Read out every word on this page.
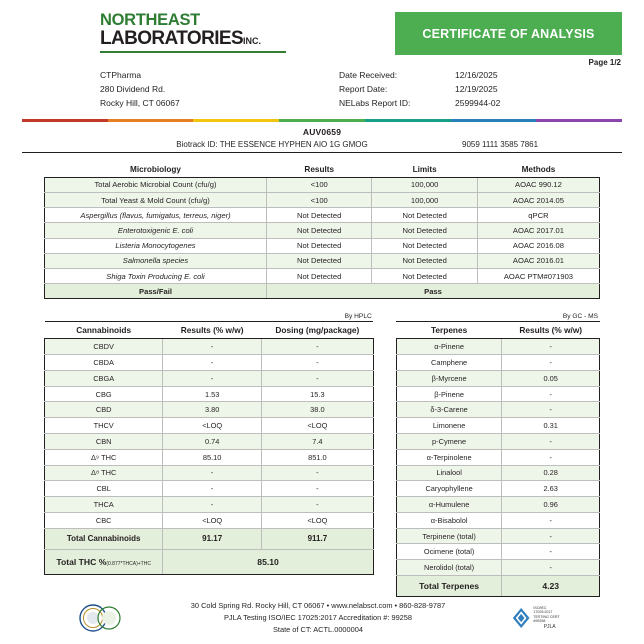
NORTHEAST
LABORATORIESINC.
CERTIFICATE OF ANALYSIS
Page 1/2
CTPharma
280 Dividend Rd.
Rocky Hill, CT 06067
Date Received:	12/16/2025
Report Date:	12/19/2025
NELabs Report ID:	2599944-02
AUV0659
Biotrack ID: THE ESSENCE HYPHEN AIO 1G GMOG	9059 1111 3585 7861
Microbiology	Results	Limits	Methods
Total Aerobic Microbial Count (cfu/g)	<100	100,000	AOAC 990.12
Total Yeast & Mold Count (cfu/g)	<100	100,000	AOAC 2014.05
Aspergillus (flavus, fumigatus, terreus, niger)	Not Detected	Not Detected	qPCR
Enterotoxigenic E. coli	Not Detected	Not Detected	AOAC 2017.01
Listeria Monocytogenes	Not Detected	Not Detected	AOAC 2016.08
Salmonella species	Not Detected	Not Detected	AOAC 2016.01
Shiga Toxin Producing E. coli	Not Detected	Not Detected	AOAC PTM#071903
Pass/Fail	Pass		
By HPLC
Cannabinoids	Results (% w/w)	Dosing (mg/package)
CBDV	-	-
CBDA	-	-
CBGA	-	-
CBG	1.53	15.3
CBD	3.80	38.0
THCV	<LOQ	<LOQ
CBN	0.74	7.4
Δ⁹ THC	85.10	851.0
Δ⁸ THC	-	-
CBL	-	-
THCA	-	-
CBC	<LOQ	<LOQ
Total Cannabinoids	91.17	911.7
Total THC %(0.877*THCA)+THC	85.10	
By GC - MS
Terpenes	Results (% w/w)
α-Pinene	-
Camphene	-
β-Myrcene	0.05
β-Pinene	-
δ-3-Carene	-
Limonene	0.31
p-Cymene	-
α-Terpinolene	-
Linalool	0.28
Caryophyllene	2.63
α-Humulene	0.96
α-Bisabolol	-
Terpinene (total)	-
Ocimene (total)	-
Nerolidol (total)	-
Total Terpenes	4.23
30 Cold Spring Rd. Rocky Hill, CT 06067 • www.nelabsct.com • 860-828-9787
PJLA Testing ISO/IEC 17025:2017 Accreditation #: 99258
State of CT: ACTL.0000004
ISO/IEC 17025:2017
TESTING CERT #99258
PJLA
